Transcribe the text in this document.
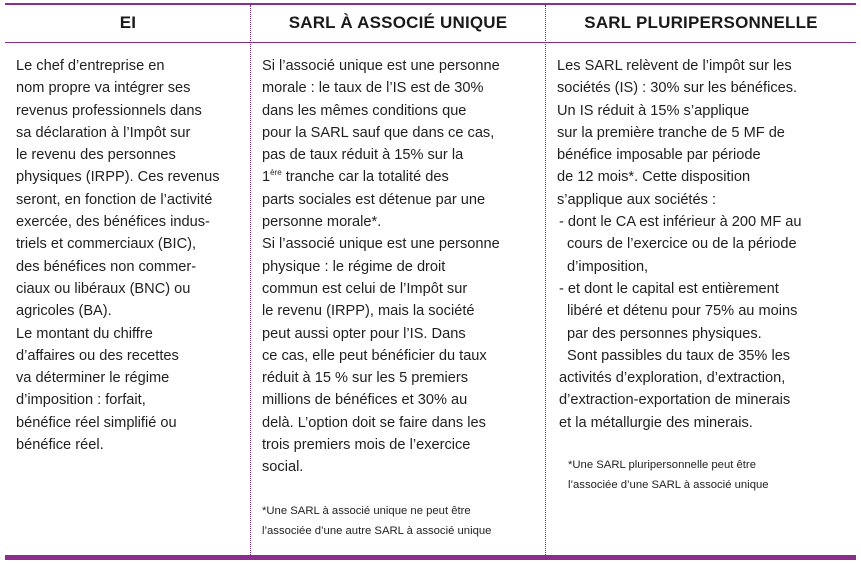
EI	SARL À ASSOCIÉ UNIQUE	SARL PLURIPERSONNELLE

Le chef d’entreprise en

nom propre va intégrer ses

revenus professionnels dans

sa déclaration à l’Impôt sur

le revenu des personnes

physiques (IRPP). Ces revenus

seront, en fonction de l’activité

exercée, des bénéfices indus-

triels et commerciaux (BIC),

des bénéfices non commer-

ciaux ou libéraux (BNC) ou

agricoles (BA).

Le montant du chiffre

d’affaires ou des recettes

va déterminer le régime

d’imposition : forfait,

bénéfice réel simplifié ou

bénéfice réel.

Si l’associé unique est une personne

morale : le taux de l’IS est de 30%

dans les mêmes conditions que

pour la SARL sauf que dans ce cas,

pas de taux réduit à 15% sur la

1ère tranche car la totalité des

parts sociales est détenue par une

personne morale*.

Si l’associé unique est une personne

physique : le régime de droit

commun est celui de l’Impôt sur

le revenu (IRPP), mais la société

peut aussi opter pour l’IS. Dans

ce cas, elle peut bénéficier du taux

réduit à 15 % sur les 5 premiers

millions de bénéfices et 30% au

delà. L’option doit se faire dans les

trois premiers mois de l’exercice

social.

*Une SARL à associé unique ne peut être

l’associée d’une autre SARL à associé unique

Les SARL relèvent de l’impôt sur les

sociétés (IS) : 30% sur les bénéfices.

Un IS réduit à 15% s’applique

sur la première tranche de 5 MF de

bénéfice imposable par période

de 12 mois*. Cette disposition

s’applique aux sociétés :

- dont le CA est inférieur à 200 MF au

cours de l’exercice ou de la période

d’imposition,

- et dont le capital est entièrement

libéré et détenu pour 75% au moins

par des personnes physiques.

Sont passibles du taux de 35% les

activités d’exploration, d’extraction,

d’extraction-exportation de minerais

et la métallurgie des minerais.

*Une SARL pluripersonnelle peut être

l’associée d’une SARL à associé unique
